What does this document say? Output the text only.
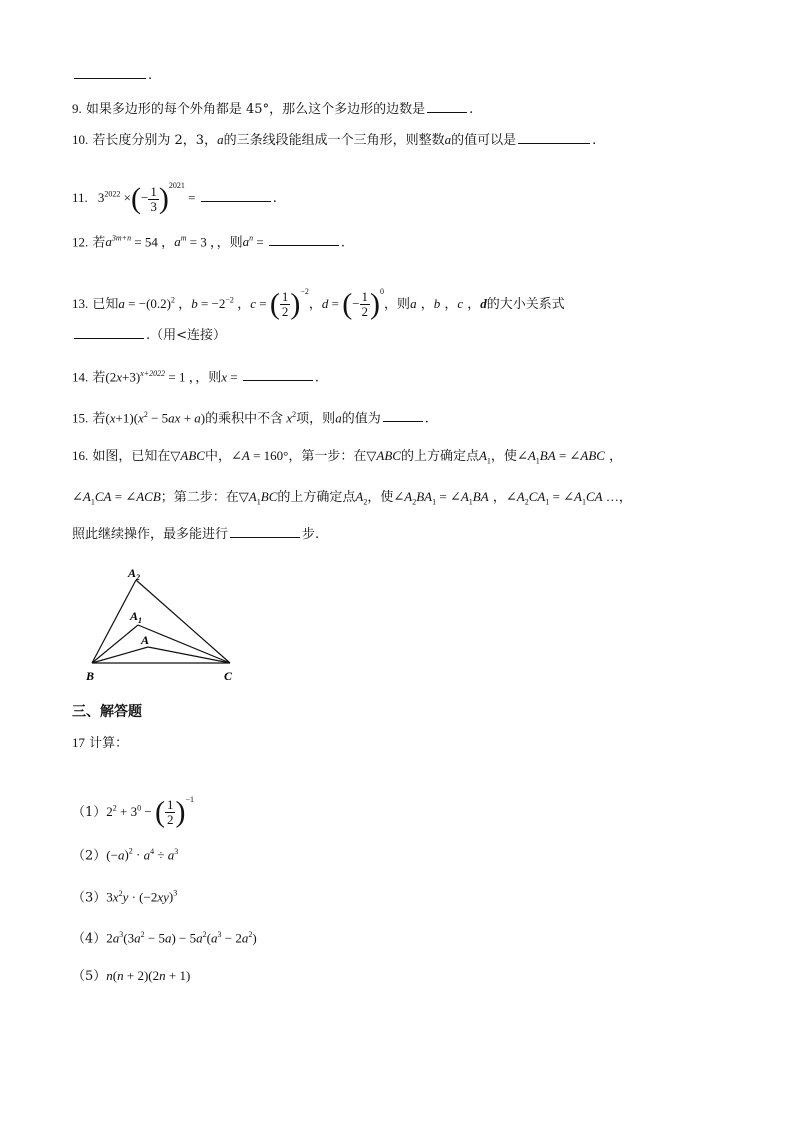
.
9. 如果多边形的每个外角都是 45°，那么这个多边形的边数是	.
10. 若长度分别为 2，3，a的三条线段能组成一个三角形，则整数a的值可以是	.
11. $3^{2022}$ ×(− $\frac{1}{3} )^{2021}$ =	.
12. 若$a^{3m+n} = 54$ ，$a^m = 3$ ，，则$a^n$ =	.
13. 已知$a = -(0.2)^2$ ，$b = -2^{-2}$ ，c = ( $\frac{1}{2} )^{-2}$，d = (− $\frac{1}{2} )^0$，则a ，b ，c ，d的大小关系式
.（用<连接）
14. 若$(2x+3)^{x+2022} = 1$ ，，则x =	.
15. 若$(x+1)(x^2 - 5ax + a)$的乘积中不含 $x^2$项，则a的值为	.
16. 如图，已知在▽ABC中，∠A = 160°，第一步：在▽ABC的上方确定点$A_1$，使$\angle A_1BA$ = ∠ABC ，
$\angle A_1CA$ = ∠ACB；第二步：在$▽A_1BC$的上方确定点$A_2$，使$\angle A_2BA_1$ = $\angle A_1BA$ ，$\angle A_2CA_1$ = $\angle A_1CA$ …，
照此继续操作，最多能进行	步.
$A_2$
$A_1$
A
B	C
三、解答题
17 计算：
$(1)2^2 + 3^0$ − ( $\frac{1}{2} )^{-1}$
$(2)(-a)^2 \cdot a^4 \div a^3$
$(3)3x^2y \cdot (-2xy)^3$
$(4)2a^3(3a^2 - 5a) - 5a^2(a^3 - 2a^2)$
（5）n(n + 2)(2n + 1)
